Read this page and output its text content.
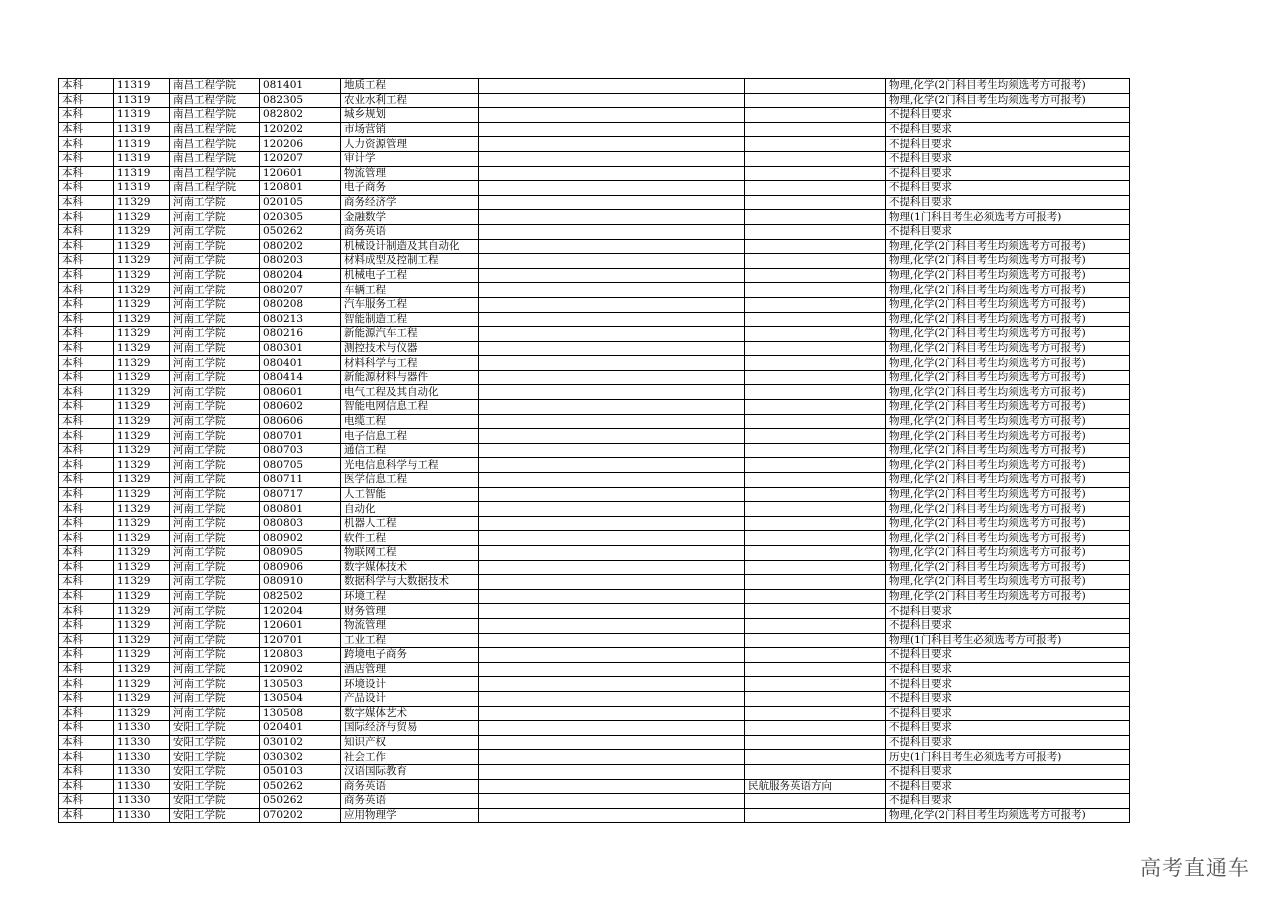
本科	11319	南昌工程学院	081401	地质工程			物理,化学(2门科目考生均须选考方可报考)
本科	11319	南昌工程学院	082305	农业水利工程			物理,化学(2门科目考生均须选考方可报考)
本科	11319	南昌工程学院	082802	城乡规划			不提科目要求
本科	11319	南昌工程学院	120202	市场营销			不提科目要求
本科	11319	南昌工程学院	120206	人力资源管理			不提科目要求
本科	11319	南昌工程学院	120207	审计学			不提科目要求
本科	11319	南昌工程学院	120601	物流管理			不提科目要求
本科	11319	南昌工程学院	120801	电子商务			不提科目要求
本科	11329	河南工学院	020105	商务经济学			不提科目要求
本科	11329	河南工学院	020305	金融数学			物理(1门科目考生必须选考方可报考)
本科	11329	河南工学院	050262	商务英语			不提科目要求
本科	11329	河南工学院	080202	机械设计制造及其自动化			物理,化学(2门科目考生均须选考方可报考)
本科	11329	河南工学院	080203	材料成型及控制工程			物理,化学(2门科目考生均须选考方可报考)
本科	11329	河南工学院	080204	机械电子工程			物理,化学(2门科目考生均须选考方可报考)
本科	11329	河南工学院	080207	车辆工程			物理,化学(2门科目考生均须选考方可报考)
本科	11329	河南工学院	080208	汽车服务工程			物理,化学(2门科目考生均须选考方可报考)
本科	11329	河南工学院	080213	智能制造工程			物理,化学(2门科目考生均须选考方可报考)
本科	11329	河南工学院	080216	新能源汽车工程			物理,化学(2门科目考生均须选考方可报考)
本科	11329	河南工学院	080301	测控技术与仪器			物理,化学(2门科目考生均须选考方可报考)
本科	11329	河南工学院	080401	材料科学与工程			物理,化学(2门科目考生均须选考方可报考)
本科	11329	河南工学院	080414	新能源材料与器件			物理,化学(2门科目考生均须选考方可报考)
本科	11329	河南工学院	080601	电气工程及其自动化			物理,化学(2门科目考生均须选考方可报考)
本科	11329	河南工学院	080602	智能电网信息工程			物理,化学(2门科目考生均须选考方可报考)
本科	11329	河南工学院	080606	电缆工程			物理,化学(2门科目考生均须选考方可报考)
本科	11329	河南工学院	080701	电子信息工程			物理,化学(2门科目考生均须选考方可报考)
本科	11329	河南工学院	080703	通信工程			物理,化学(2门科目考生均须选考方可报考)
本科	11329	河南工学院	080705	光电信息科学与工程			物理,化学(2门科目考生均须选考方可报考)
本科	11329	河南工学院	080711	医学信息工程			物理,化学(2门科目考生均须选考方可报考)
本科	11329	河南工学院	080717	人工智能			物理,化学(2门科目考生均须选考方可报考)
本科	11329	河南工学院	080801	自动化			物理,化学(2门科目考生均须选考方可报考)
本科	11329	河南工学院	080803	机器人工程			物理,化学(2门科目考生均须选考方可报考)
本科	11329	河南工学院	080902	软件工程			物理,化学(2门科目考生均须选考方可报考)
本科	11329	河南工学院	080905	物联网工程			物理,化学(2门科目考生均须选考方可报考)
本科	11329	河南工学院	080906	数字媒体技术			物理,化学(2门科目考生均须选考方可报考)
本科	11329	河南工学院	080910	数据科学与大数据技术			物理,化学(2门科目考生均须选考方可报考)
本科	11329	河南工学院	082502	环境工程			物理,化学(2门科目考生均须选考方可报考)
本科	11329	河南工学院	120204	财务管理			不提科目要求
本科	11329	河南工学院	120601	物流管理			不提科目要求
本科	11329	河南工学院	120701	工业工程			物理(1门科目考生必须选考方可报考)
本科	11329	河南工学院	120803	跨境电子商务			不提科目要求
本科	11329	河南工学院	120902	酒店管理			不提科目要求
本科	11329	河南工学院	130503	环境设计			不提科目要求
本科	11329	河南工学院	130504	产品设计			不提科目要求
本科	11329	河南工学院	130508	数字媒体艺术			不提科目要求
本科	11330	安阳工学院	020401	国际经济与贸易			不提科目要求
本科	11330	安阳工学院	030102	知识产权			不提科目要求
本科	11330	安阳工学院	030302	社会工作			历史(1门科目考生必须选考方可报考)
本科	11330	安阳工学院	050103	汉语国际教育			不提科目要求
本科	11330	安阳工学院	050262	商务英语		民航服务英语方向	不提科目要求
本科	11330	安阳工学院	050262	商务英语			不提科目要求
本科	11330	安阳工学院	070202	应用物理学			物理,化学(2门科目考生均须选考方可报考)
高考直通车
